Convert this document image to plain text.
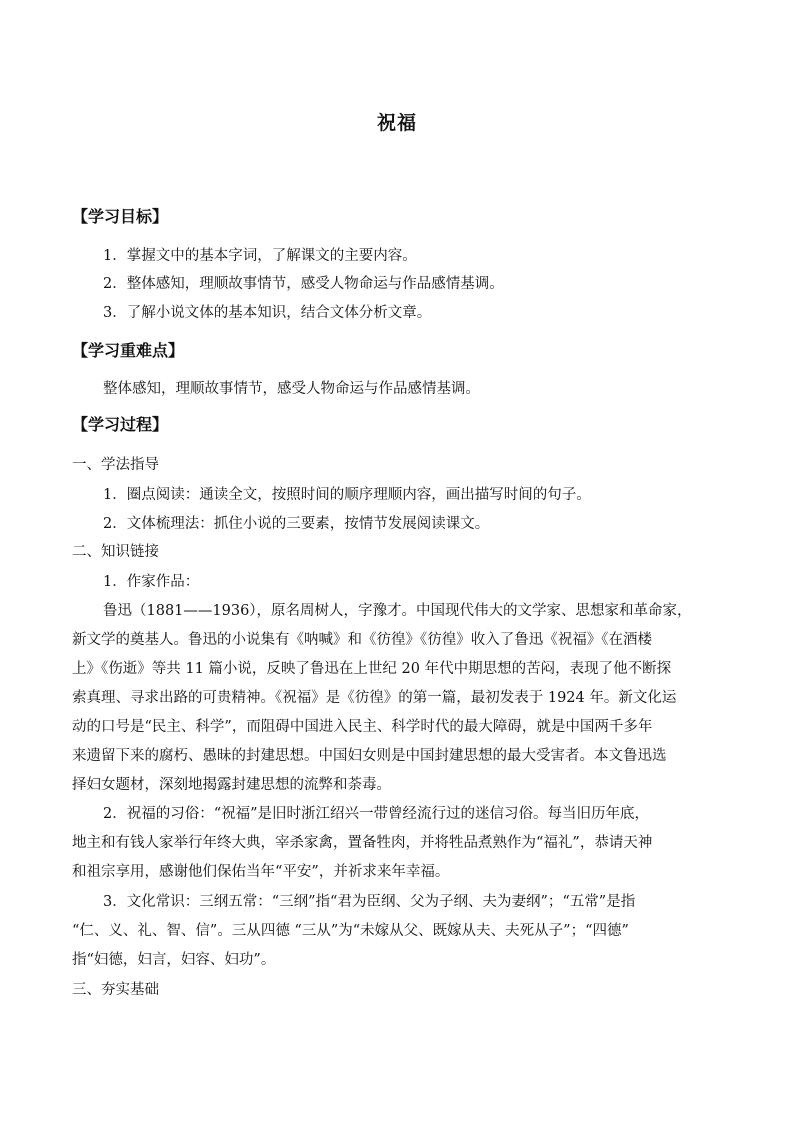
祝福
【学习目标】
1．掌握文中的基本字词，了解课文的主要内容。
2．整体感知，理顺故事情节，感受人物命运与作品感情基调。
3．了解小说文体的基本知识，结合文体分析文章。
【学习重难点】
整体感知，理顺故事情节，感受人物命运与作品感情基调。
【学习过程】
一、学法指导
1．圈点阅读：通读全文，按照时间的顺序理顺内容，画出描写时间的句子。
2．文体梳理法：抓住小说的三要素，按情节发展阅读课文。
二、知识链接
1．作家作品：
鲁迅（1881——1936），原名周树人，字豫才。中国现代伟大的文学家、思想家和革命家，
新文学的奠基人。鲁迅的小说集有《呐喊》和《彷徨》《彷徨》收入了鲁迅《祝福》《在酒楼
上》《伤逝》等共 11 篇小说，反映了鲁迅在上世纪 20 年代中期思想的苦闷，表现了他不断探
索真理、寻求出路的可贵精神。《祝福》是《彷徨》的第一篇，最初发表于 1924 年。新文化运
动的口号是“民主、科学”，而阻碍中国进入民主、科学时代的最大障碍，就是中国两千多年
来遗留下来的腐朽、愚昧的封建思想。中国妇女则是中国封建思想的最大受害者。本文鲁迅选
择妇女题材，深刻地揭露封建思想的流弊和荼毒。
2．祝福的习俗：“祝福”是旧时浙江绍兴一带曾经流行过的迷信习俗。每当旧历年底，
地主和有钱人家举行年终大典，宰杀家禽，置备牲肉，并将牲品煮熟作为“福礼”，恭请天神
和祖宗享用，感谢他们保佑当年“平安”，并祈求来年幸福。
3．文化常识：三纲五常：“三纲”指“君为臣纲、父为子纲、夫为妻纲”；“五常”是指
“仁、义、礼、智、信”。三从四德 “三从”为“未嫁从父、既嫁从夫、夫死从子”；“四德”
指“妇德，妇言，妇容、妇功”。
三、夯实基础
